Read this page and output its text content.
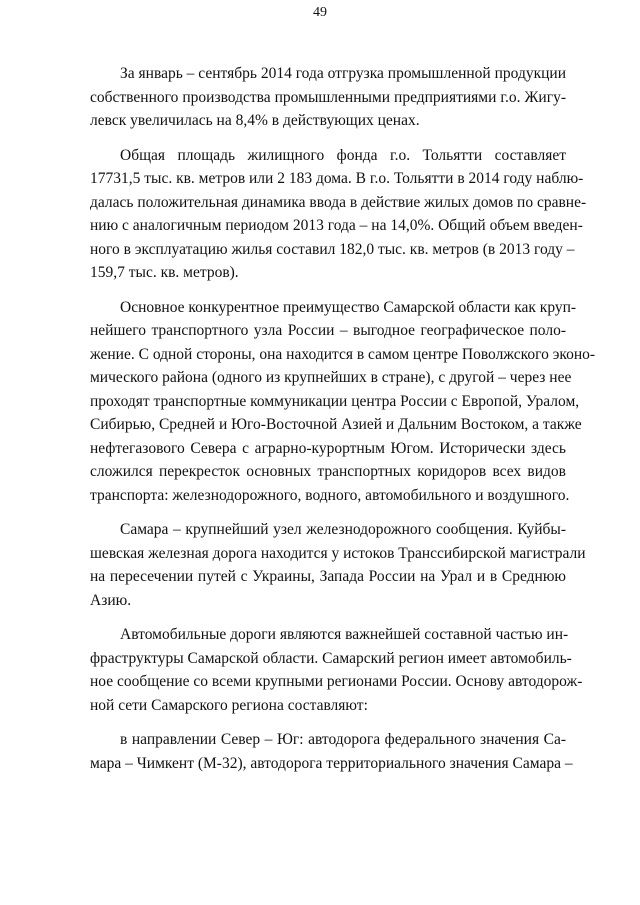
49
За январь – сентябрь 2014 года отгрузка промышленной продукции
собственного производства промышленными предприятиями г.о. Жигу-
левск увеличилась на 8,4% в действующих ценах.
Общая площадь жилищного фонда г.о. Тольятти составляет
17731,5 тыс. кв. метров или 2 183 дома. В г.о. Тольятти в 2014 году наблю-
далась положительная динамика ввода в действие жилых домов по сравне-
нию с аналогичным периодом 2013 года – на 14,0%. Общий объем введен-
ного в эксплуатацию жилья составил 182,0 тыс. кв. метров (в 2013 году –
159,7 тыс. кв. метров).
Основное конкурентное преимущество Самарской области как круп-
нейшего транспортного узла России – выгодное географическое поло-
жение. С одной стороны, она находится в самом центре Поволжского эконо-
мического района (одного из крупнейших в стране), с другой – через нее
проходят транспортные коммуникации центра России с Европой, Уралом,
Сибирью, Средней и Юго-Восточной Азией и Дальним Востоком, а также
нефтегазового Севера с аграрно-курортным Югом. Исторически здесь
сложился перекресток основных транспортных коридоров всех видов
транспорта: железнодорожного, водного, автомобильного и воздушного.
Самара – крупнейший узел железнодорожного сообщения. Куйбы-
шевская железная дорога находится у истоков Транссибирской магистрали
на пересечении путей с Украины, Запада России на Урал и в Среднюю
Азию.
Автомобильные дороги являются важнейшей составной частью ин-
фраструктуры Самарской области. Самарский регион имеет автомобиль-
ное сообщение со всеми крупными регионами России. Основу автодорож-
ной сети Самарского региона составляют:
в направлении Север – Юг: автодорога федерального значения Са-
мара – Чимкент (М-32), автодорога территориального значения Самара –
